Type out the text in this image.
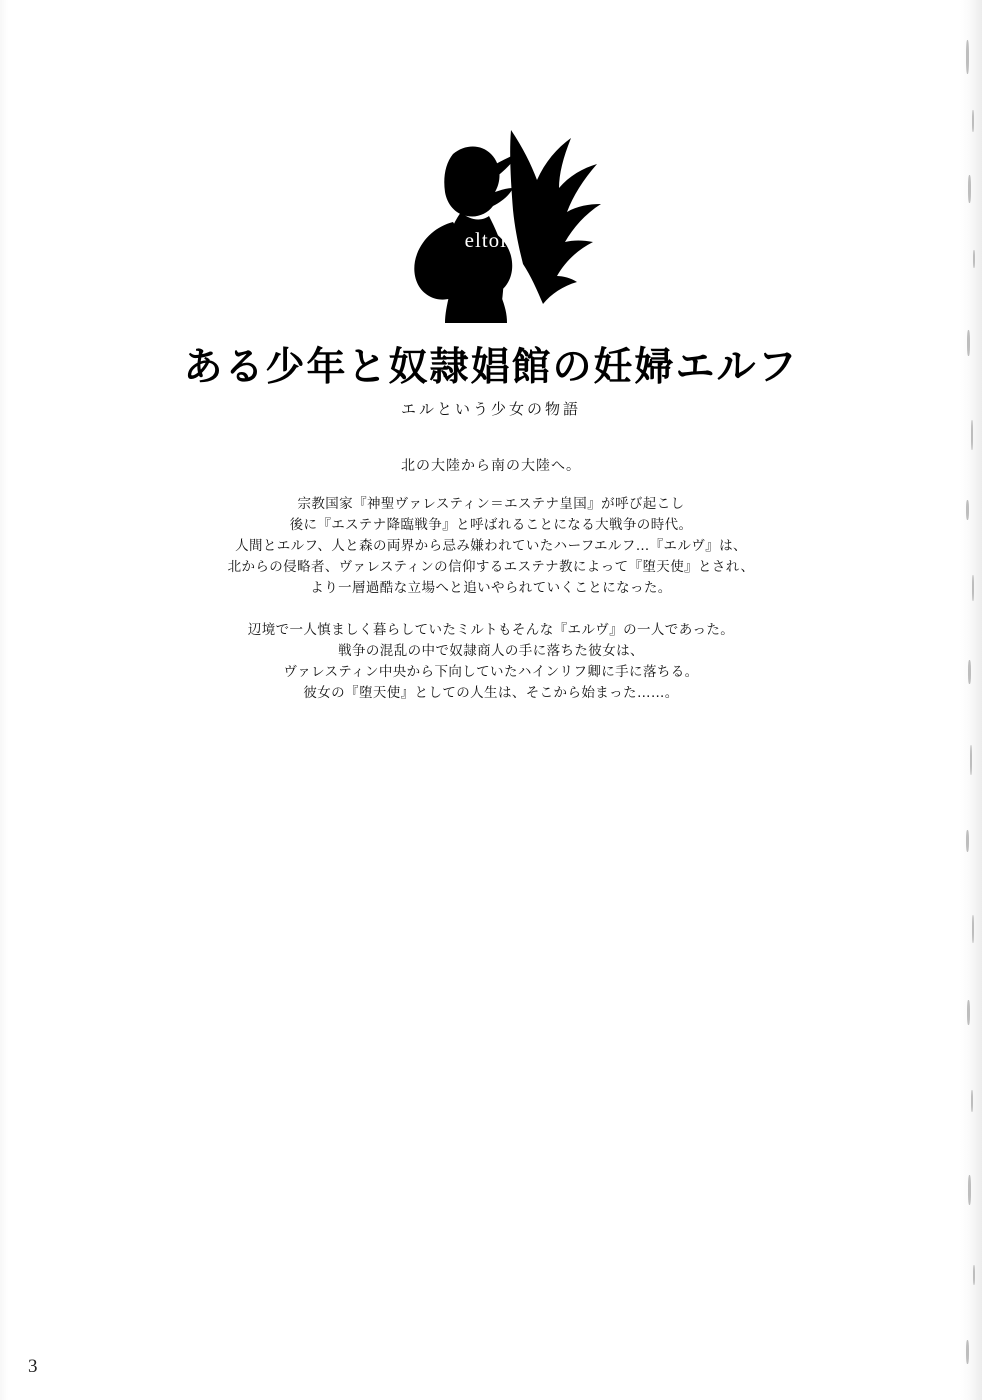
eltole
ある少年と奴隷娼館の妊婦エルフ
エルという少女の物語
北の大陸から南の大陸へ。

宗教国家『神聖ヴァレスティン＝エステナ皇国』が呼び起こし

後に『エステナ降臨戦争』と呼ばれることになる大戦争の時代。

人間とエルフ、人と森の両界から忌み嫌われていたハーフエルフ…『エルヴ』は、

北からの侵略者、ヴァレスティンの信仰するエステナ教によって『堕天使』とされ、

より一層過酷な立場へと追いやられていくことになった。

辺境で一人慎ましく暮らしていたミルトもそんな『エルヴ』の一人であった。

戦争の混乱の中で奴隷商人の手に落ちた彼女は、

ヴァレスティン中央から下向していたハインリフ卿に手に落ちる。

彼女の『堕天使』としての人生は、そこから始まった……。

3
